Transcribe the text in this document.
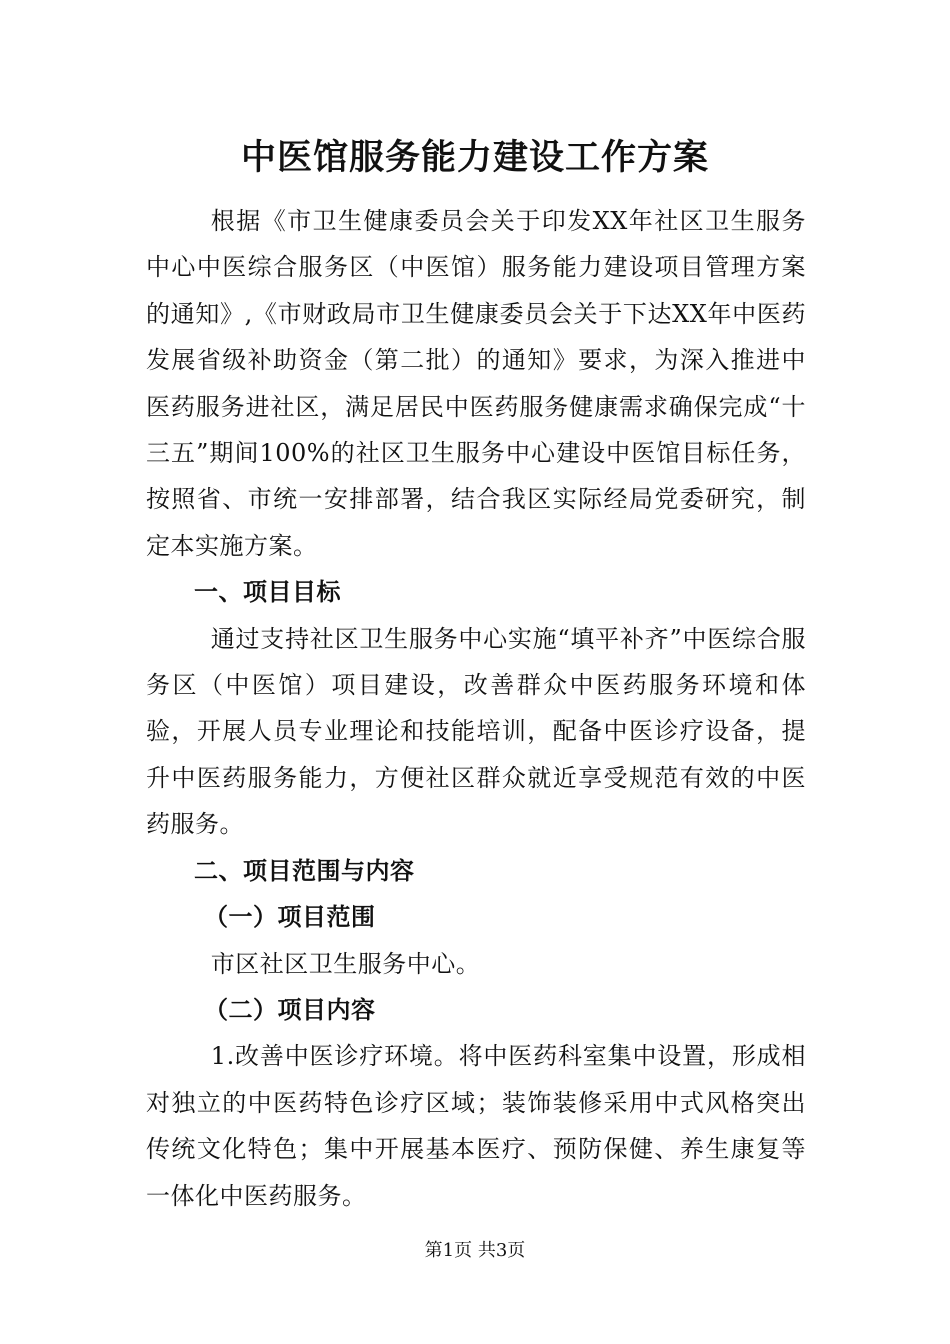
中医馆服务能力建设工作方案

根据《市卫生健康委员会关于印发XX年社区卫生服务中心中医综合服务区（中医馆）服务能力建设项目管理方案的通知》,《市财政局市卫生健康委员会关于下达XX年中医药发展省级补助资金（第二批）的通知》要求，为深入推进中医药服务进社区，满足居民中医药服务健康需求确保完成“十三五”期间100%的社区卫生服务中心建设中医馆目标任务，按照省、市统一安排部署，结合我区实际经局党委研究，制定本实施方案。

一、项目目标

通过支持社区卫生服务中心实施“填平补齐”中医综合服务区（中医馆）项目建设，改善群众中医药服务环境和体验，开展人员专业理论和技能培训，配备中医诊疗设备，提升中医药服务能力，方便社区群众就近享受规范有效的中医药服务。

二、项目范围与内容

（一）项目范围

市区社区卫生服务中心。

（二）项目内容

1.改善中医诊疗环境。将中医药科室集中设置，形成相对独立的中医药特色诊疗区域；装饰装修采用中式风格突出传统文化特色；集中开展基本医疗、预防保健、养生康复等一体化中医药服务。

第1页 共3页
